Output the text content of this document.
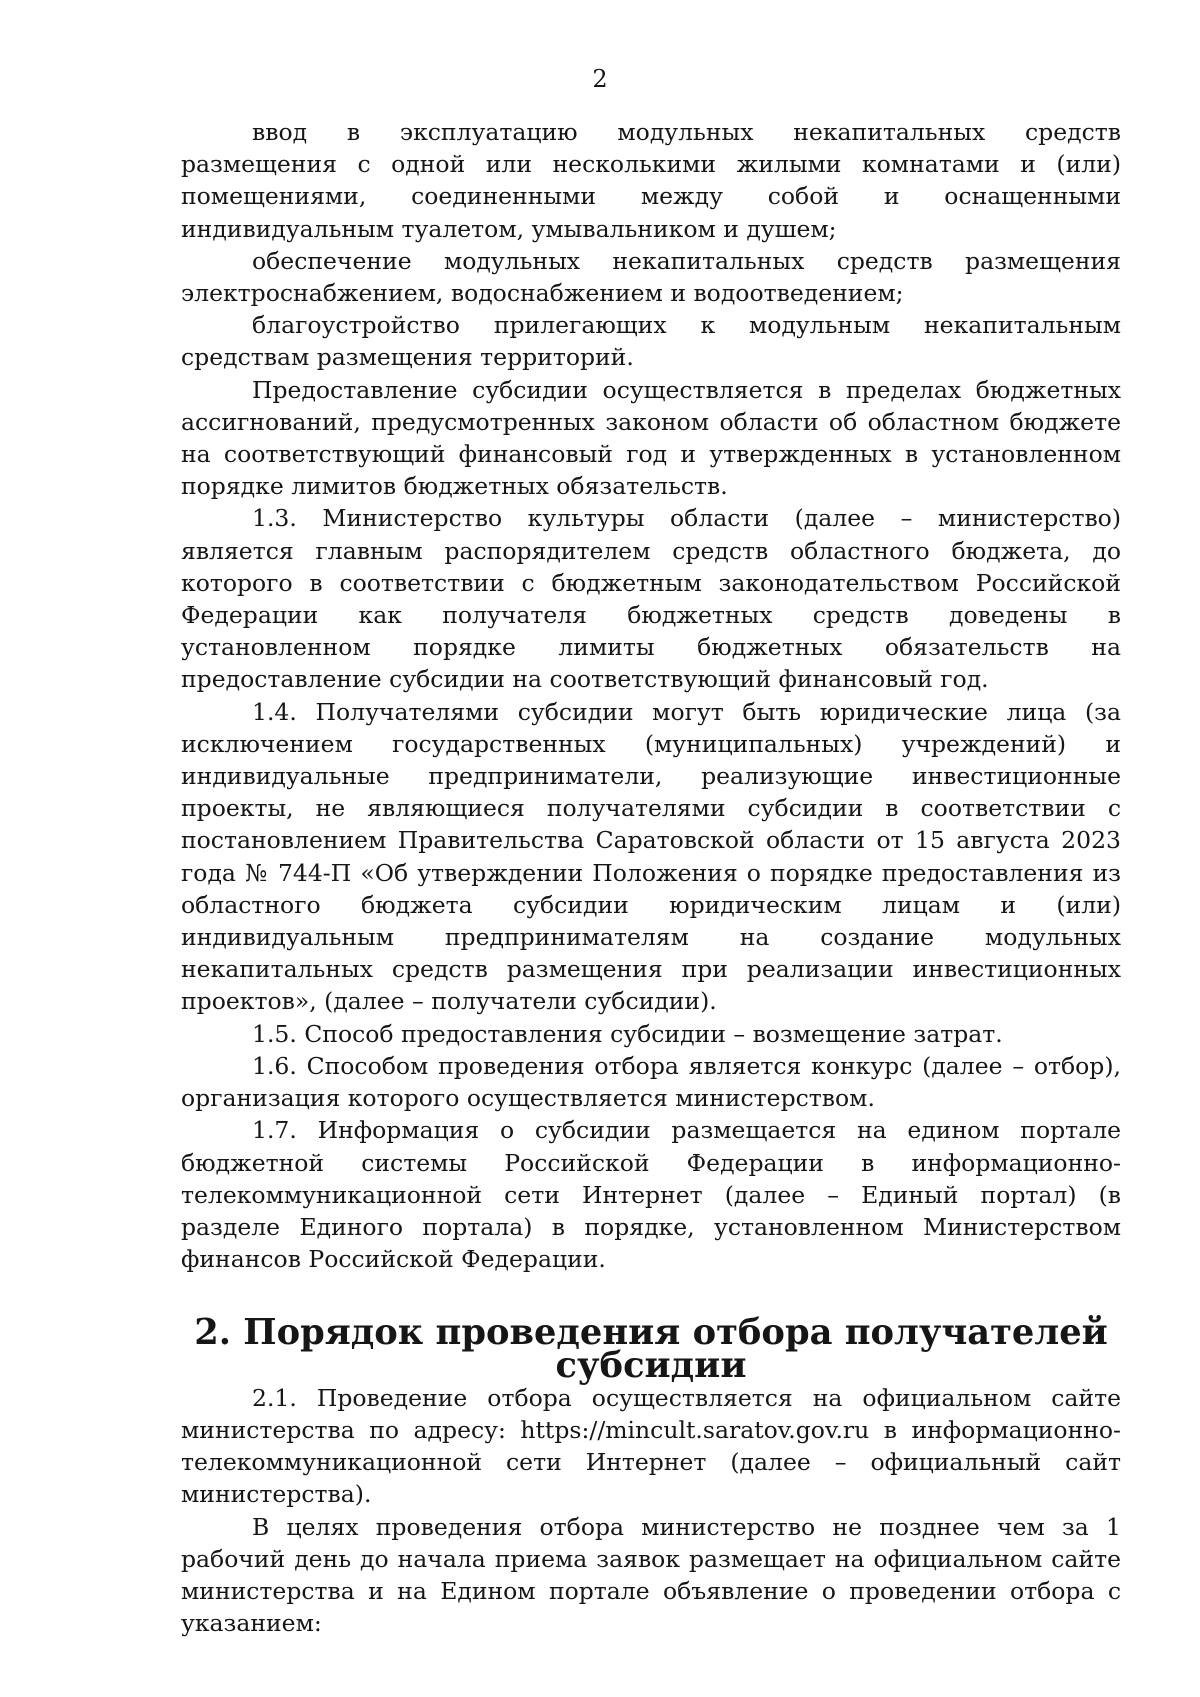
2

ввод в эксплуатацию модульных некапитальных средств размещения с одной или несколькими жилыми комнатами и (или) помещениями, соединенными между собой и оснащенными индивидуальным туалетом, умывальником и душем;

обеспечение модульных некапитальных средств размещения электроснабжением, водоснабжением и водоотведением;

благоустройство прилегающих к модульным некапитальным средствам размещения территорий.

Предоставление субсидии осуществляется в пределах бюджетных ассигнований, предусмотренных законом области об областном бюджете на соответствующий финансовый год и утвержденных в установленном порядке лимитов бюджетных обязательств.

1.3. Министерство культуры области (далее – министерство) является главным распорядителем средств областного бюджета, до которого в соответствии с бюджетным законодательством Российской Федерации как получателя бюджетных средств доведены в установленном порядке лимиты бюджетных обязательств на предоставление субсидии на соответствующий финансовый год.

1.4. Получателями субсидии могут быть юридические лица (за исключением государственных (муниципальных) учреждений) и индивидуальные предприниматели, реализующие инвестиционные проекты, не являющиеся получателями субсидии в соответствии с постановлением Правительства Саратовской области от 15 августа 2023 года № 744-П «Об утверждении Положения о порядке предоставления из областного бюджета субсидии юридическим лицам и (или) индивидуальным предпринимателям на создание модульных некапитальных средств размещения при реализации инвестиционных проектов», (далее – получатели субсидии).

1.5. Способ предоставления субсидии – возмещение затрат.

1.6. Способом проведения отбора является конкурс (далее – отбор), организация которого осуществляется министерством.

1.7. Информация о субсидии размещается на едином портале бюджетной системы Российской Федерации в информационно-телекоммуникационной сети Интернет (далее – Единый портал) (в разделе Единого портала) в порядке, установленном Министерством финансов Российской Федерации.

2. Порядок проведения отбора получателей субсидии

2.1. Проведение отбора осуществляется на официальном сайте министерства по адресу: https://mincult.saratov.gov.ru в информационно-телекоммуникационной сети Интернет (далее – официальный сайт министерства).

В целях проведения отбора министерство не позднее чем за 1 рабочий день до начала приема заявок размещает на официальном сайте министерства и на Едином портале объявление о проведении отбора с указанием:
